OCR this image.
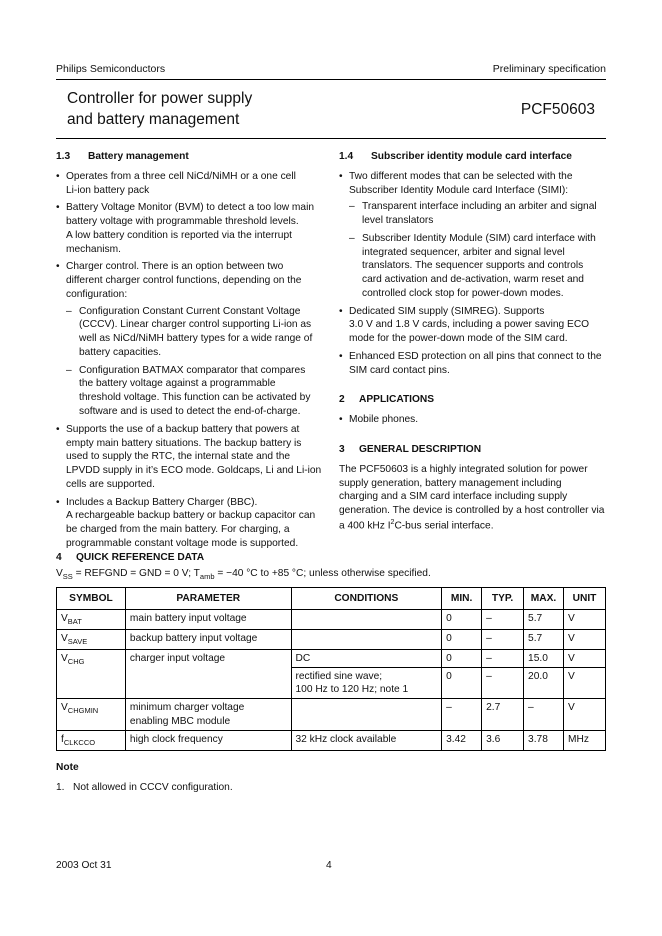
Philips Semiconductors	Preliminary specification
Controller for power supply
and battery management
PCF50603
1.3 Battery management
• Operates from a three cell NiCd/NiMH or a one cell
Li-ion battery pack
• Battery Voltage Monitor (BVM) to detect a too low main
battery voltage with programmable threshold levels.
A low battery condition is reported via the interrupt
mechanism.
• Charger control. There is an option between two
different charger control functions, depending on the
configuration:
– Configuration Constant Current Constant Voltage
(CCCV). Linear charger control supporting Li-ion as
well as NiCd/NiMH battery types for a wide range of
battery capacities.
– Configuration BATMAX comparator that compares
the battery voltage against a programmable
threshold voltage. This function can be activated by
software and is used to detect the end-of-charge.
• Supports the use of a backup battery that powers at
empty main battery situations. The backup battery is
used to supply the RTC, the internal state and the
LPVDD supply in it’s ECO mode. Goldcaps, Li and Li-ion
cells are supported.
• Includes a Backup Battery Charger (BBC).
A rechargeable backup battery or backup capacitor can
be charged from the main battery. For charging, a
programmable constant voltage mode is supported.
1.4 Subscriber identity module card interface
• Two different modes that can be selected with the
Subscriber Identity Module card Interface (SIMI):
– Transparent interface including an arbiter and signal
level translators
– Subscriber Identity Module (SIM) card interface with
integrated sequencer, arbiter and signal level
translators. The sequencer supports and controls
card activation and de-activation, warm reset and
controlled clock stop for power-down modes.
• Dedicated SIM supply (SIMREG). Supports
3.0 V and 1.8 V cards, including a power saving ECO
mode for the power-down mode of the SIM card.
• Enhanced ESD protection on all pins that connect to the
SIM card contact pins.
2 APPLICATIONS
• Mobile phones.
3 GENERAL DESCRIPTION

The PCF50603 is a highly integrated solution for power
supply generation, battery management including
charging and a SIM card interface including supply
generation. The device is controlled by a host controller via
a 400 kHz $I^2C$-bus serial interface.

4 QUICK REFERENCE DATA
$V_{SS}$ = REFGND = GND = 0 V; $T_{amb} = -40$ °C to +85 °C; unless otherwise specified.
SYMBOL	PARAMETER	CONDITIONS	MIN.	TYP.	MAX.	UNIT
$V_{BAT}$	main battery input voltage		0	–	5.7	V
$V_{SAVE}$	backup battery input voltage		0	–	5.7	V
$V_{CHG}$	charger input voltage	DC	0	–	15.0	V

		rectified sine wave;
100 Hz to 120 Hz; note 1	0	–	20.0	V
$V_{CHGMIN}$	minimum charger voltage
enabling MBC module		–	2.7	–	V
$f_{CLKCCO}$	high clock frequency	32 kHz clock available	3.42	3.6	3.78	MHz
Note
1.   Not allowed in CCCV configuration.
2003 Oct 31	4
